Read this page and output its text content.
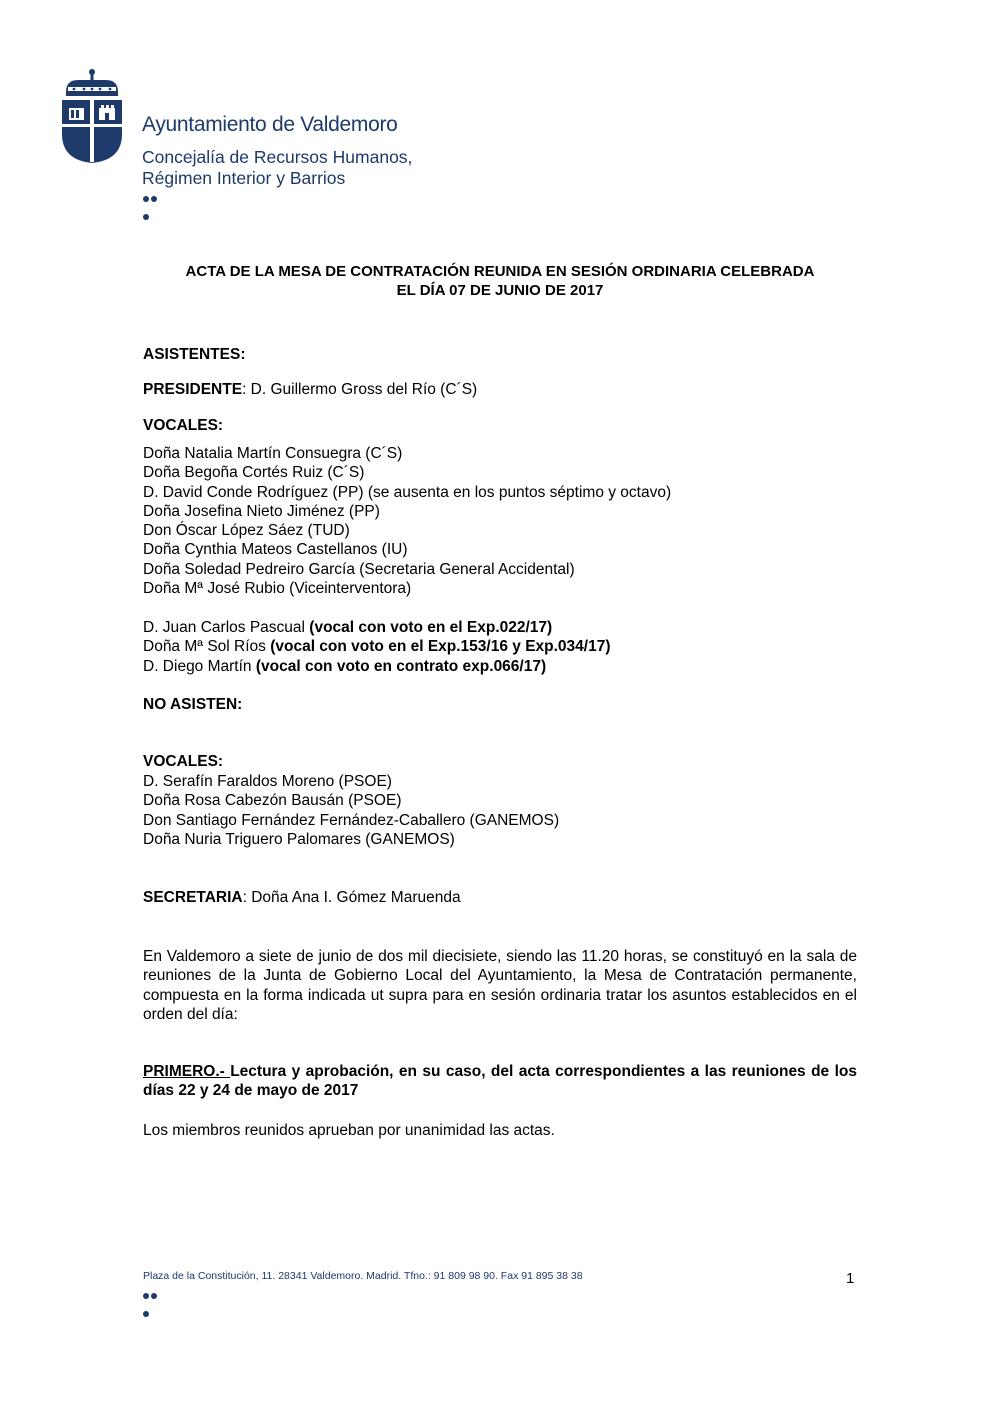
Ayuntamiento de Valdemoro
Concejalía de Recursos Humanos,
Régimen Interior y Barrios
ACTA DE LA MESA DE CONTRATACIÓN REUNIDA EN SESIÓN ORDINARIA CELEBRADA
EL DÍA 07 DE JUNIO DE 2017
ASISTENTES:
PRESIDENTE: D. Guillermo Gross del Río (C´S)
VOCALES:
Doña Natalia Martín Consuegra (C´S)
Doña Begoña Cortés Ruiz (C´S)
D. David Conde Rodríguez (PP) (se ausenta en los puntos séptimo y octavo)
Doña Josefina Nieto Jiménez (PP)
Don Óscar López Sáez (TUD)
Doña Cynthia Mateos Castellanos (IU)
Doña Soledad Pedreiro García (Secretaria General Accidental)
Doña Mª José Rubio (Viceinterventora)
D. Juan Carlos Pascual (vocal con voto en el Exp.022/17)
Doña Mª Sol Ríos (vocal con voto en el Exp.153/16 y Exp.034/17)
D. Diego Martín (vocal con voto en contrato exp.066/17)
NO ASISTEN:
VOCALES:
D. Serafín Faraldos Moreno (PSOE)
Doña Rosa Cabezón Bausán (PSOE)
Don Santiago Fernández Fernández-Caballero (GANEMOS)
Doña Nuria Triguero Palomares (GANEMOS)
SECRETARIA: Doña Ana I. Gómez Maruenda
En Valdemoro a siete de junio de dos mil diecisiete, siendo las 11.20 horas, se constituyó en la sala de reuniones de la Junta de Gobierno Local del Ayuntamiento, la Mesa de Contratación permanente, compuesta en la forma indicada ut supra para en sesión ordinaria tratar los asuntos establecidos en el orden del día:
PRIMERO.- Lectura y aprobación, en su caso, del acta correspondientes a las reuniones de los días 22 y 24 de mayo de 2017
Los miembros reunidos aprueban por unanimidad las actas.
Plaza de la Constitución, 11. 28341 Valdemoro. Madrid. Tfno.: 91 809 98 90. Fax 91 895 38 38	1
